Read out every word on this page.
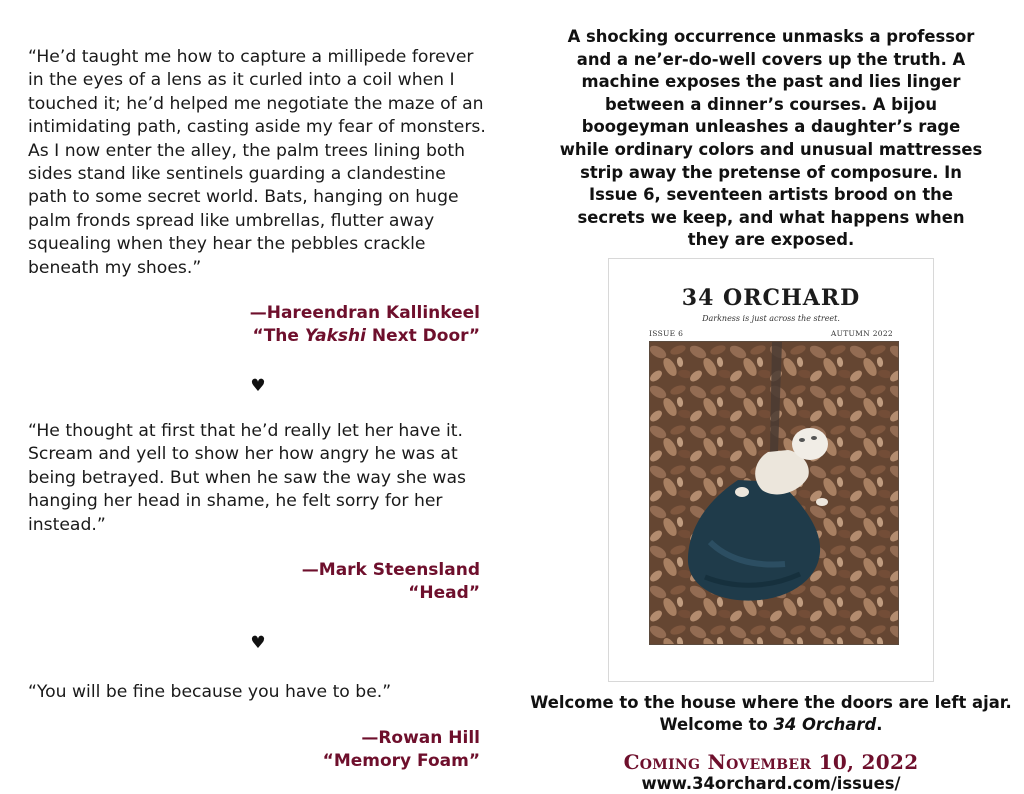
“He’d taught me how to capture a millipede forever in the eyes of a lens as it curled into a coil when I touched it; he’d helped me negotiate the maze of an intimidating path, casting aside my fear of monsters. As I now enter the alley, the palm trees lining both sides stand like sentinels guarding a clandestine path to some secret world. Bats, hanging on huge palm fronds spread like umbrellas, flutter away squealing when they hear the pebbles crackle beneath my shoes.”

—Hareendran Kallinkeel
“The Yakshi Next Door”
♥

“He thought at first that he’d really let her have it. Scream and yell to show her how angry he was at being betrayed. But when he saw the way she was hanging her head in shame, he felt sorry for her instead.”

—Mark Steensland
“Head”
♥

“You will be fine because you have to be.”

—Rowan Hill
“Memory Foam”

A shocking occurrence unmasks a professor and a ne’er-do-well covers up the truth. A machine exposes the past and lies linger between a dinner’s courses. A bijou boogeyman unleashes a daughter’s rage while ordinary colors and unusual mattresses strip away the pretense of composure. In Issue 6, seventeen artists brood on the secrets we keep, and what happens when they are exposed.

34 ORCHARD
Darkness is just across the street.
ISSUE 6	AUTUMN 2022
Welcome to the house where the doors are left ajar.
Welcome to 34 Orchard.
Coming November 10, 2022
www.34orchard.com/issues/
